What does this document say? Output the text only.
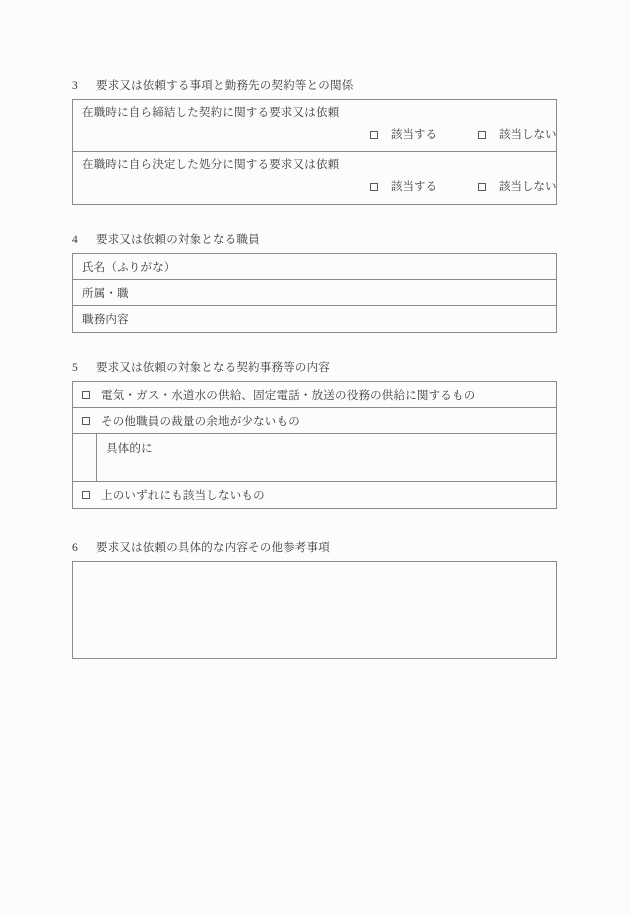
3	要求又は依頼する事項と勤務先の契約等との関係
在職時に自ら締結した契約に関する要求又は依頼
該当する	該当しない
在職時に自ら決定した処分に関する要求又は依頼
該当する	該当しない
4	要求又は依頼の対象となる職員
氏名（ふりがな）
所属・職
職務内容
5	要求又は依頼の対象となる契約事務等の内容
電気・ガス・水道水の供給、固定電話・放送の役務の供給に関するもの
その他職員の裁量の余地が少ないもの
具体的に
上のいずれにも該当しないもの
6	要求又は依頼の具体的な内容その他参考事項
